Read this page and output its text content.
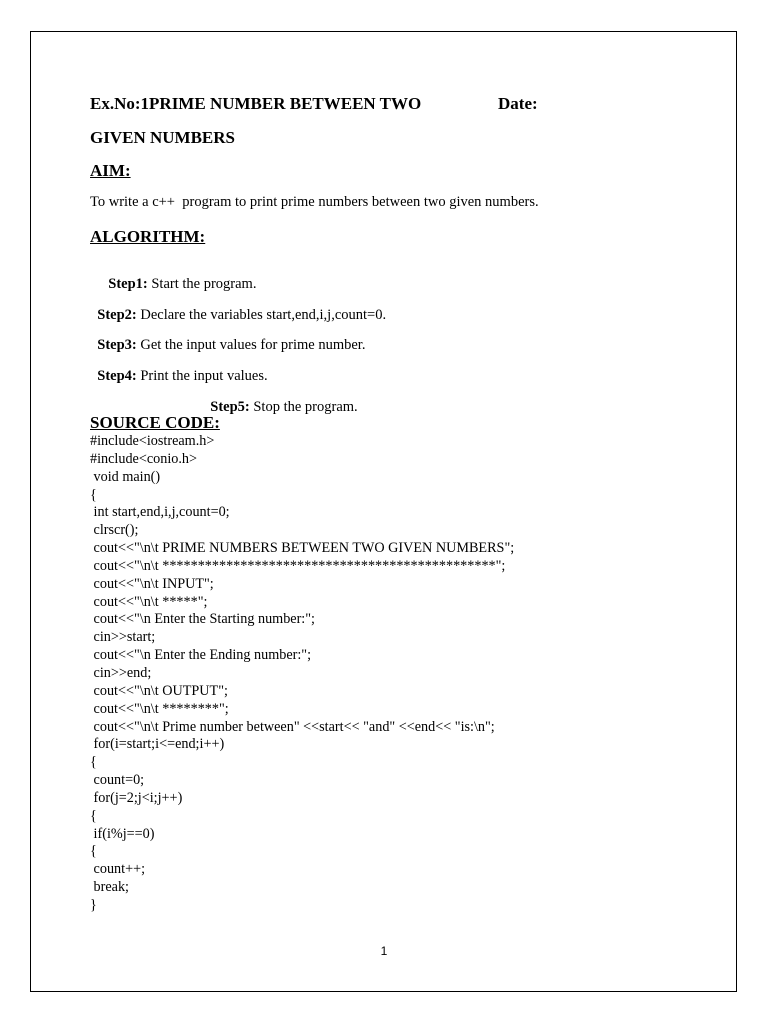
Ex.No:1PRIME NUMBER BETWEEN TWO	Date:
GIVEN NUMBERS
AIM:
To write a c++  program to print prime numbers between two given numbers.
ALGORITHM:

Step1: Start the program.

Step2: Declare the variables start,end,i,j,count=0.

Step3: Get the input values for prime number.

Step4: Print the input values.

Step5: Stop the program.

SOURCE CODE:
#include<iostream.h>
#include<conio.h>
void main()
{
int start,end,i,j,count=0;
clrscr();
cout<<"\n\t PRIME NUMBERS BETWEEN TWO GIVEN NUMBERS";
cout<<"\n\t ***********************************************";
cout<<"\n\t INPUT";
cout<<"\n\t *****";
cout<<"\n Enter the Starting number:";
cin>>start;
cout<<"\n Enter the Ending number:";
cin>>end;
cout<<"\n\t OUTPUT";
cout<<"\n\t ********";
cout<<"\n\t Prime number between" <<start<< "and" <<end<< "is:\n";
for(i=start;i<=end;i++)
{
count=0;
for(j=2;j<i;j++)
{
if(i%j==0)
{
count++;
break;
}
1
